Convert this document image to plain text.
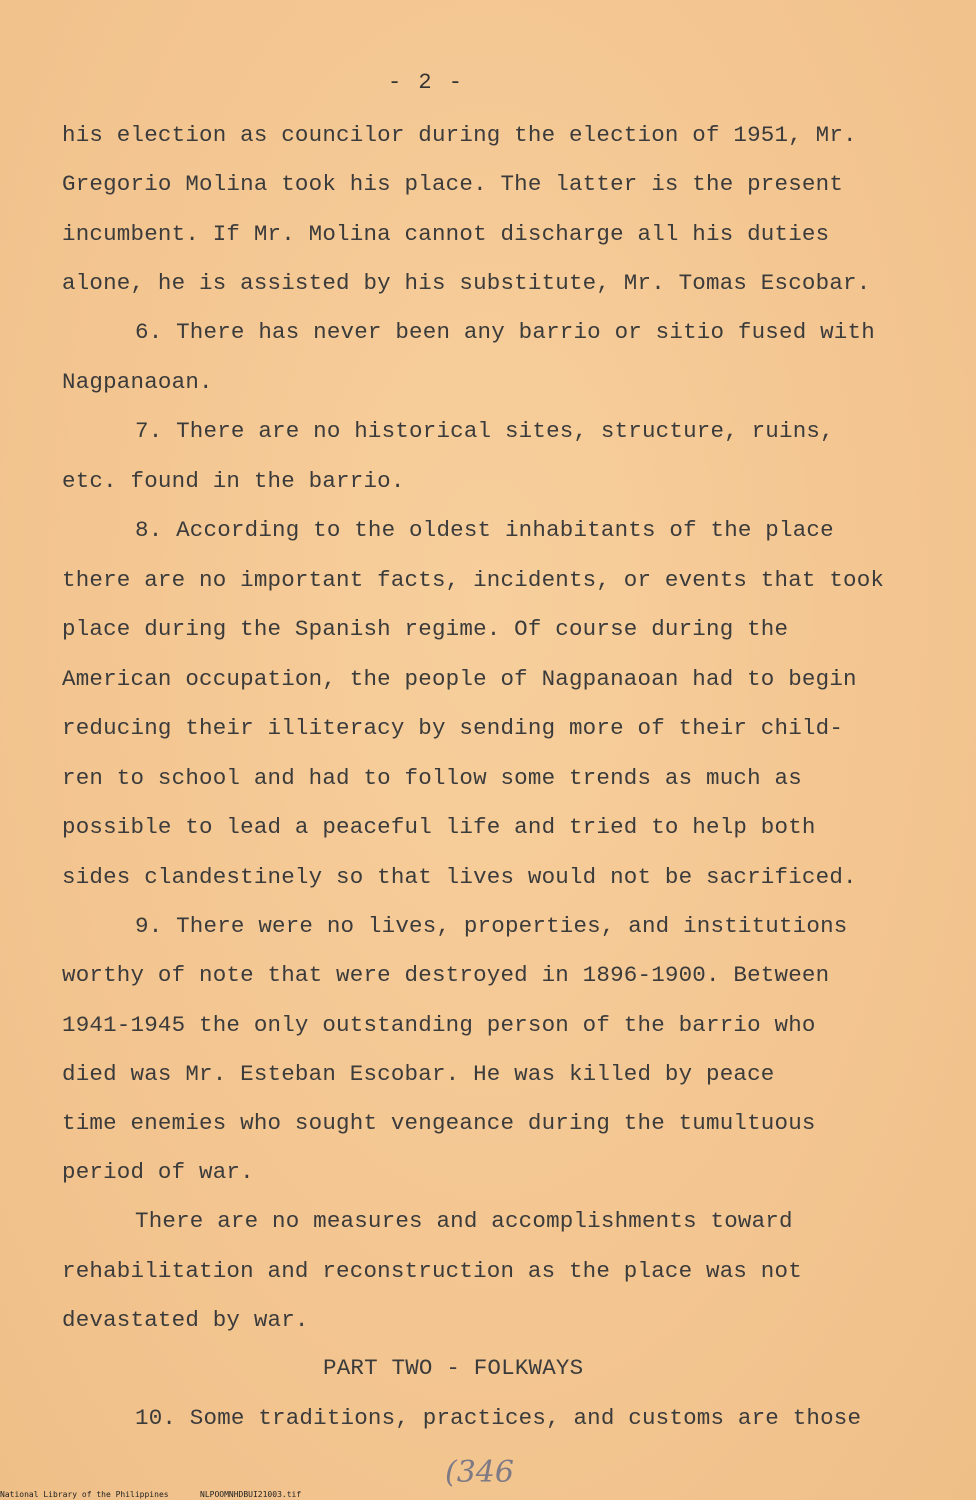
- 2 -
his election as councilor during the election of 1951, Mr.
Gregorio Molina took his place. The latter is the present
incumbent. If Mr. Molina cannot discharge all his duties
alone, he is assisted by his substitute, Mr. Tomas Escobar.
6. There has never been any barrio or sitio fused with
Nagpanaoan.
7. There are no historical sites, structure, ruins,
etc. found in the barrio.
8. According to the oldest inhabitants of the place
there are no important facts, incidents, or events that took
place during the Spanish regime. Of course during the
American occupation, the people of Nagpanaoan had to begin
reducing their illiteracy by sending more of their child-
ren to school and had to follow some trends as much as
possible to lead a peaceful life and tried to help both
sides clandestinely so that lives would not be sacrificed.
9. There were no lives, properties, and institutions
worthy of note that were destroyed in 1896-1900. Between
1941-1945 the only outstanding person of the barrio who
died was Mr. Esteban Escobar. He was killed by peace
time enemies who sought vengeance during the tumultuous
period of war.
There are no measures and accomplishments toward
rehabilitation and reconstruction as the place was not
devastated by war.
PART TWO - FOLKWAYS
10. Some traditions, practices, and customs are those
(346
National Library of the Philippines	NLPOOMNHDBUI21003.tif
